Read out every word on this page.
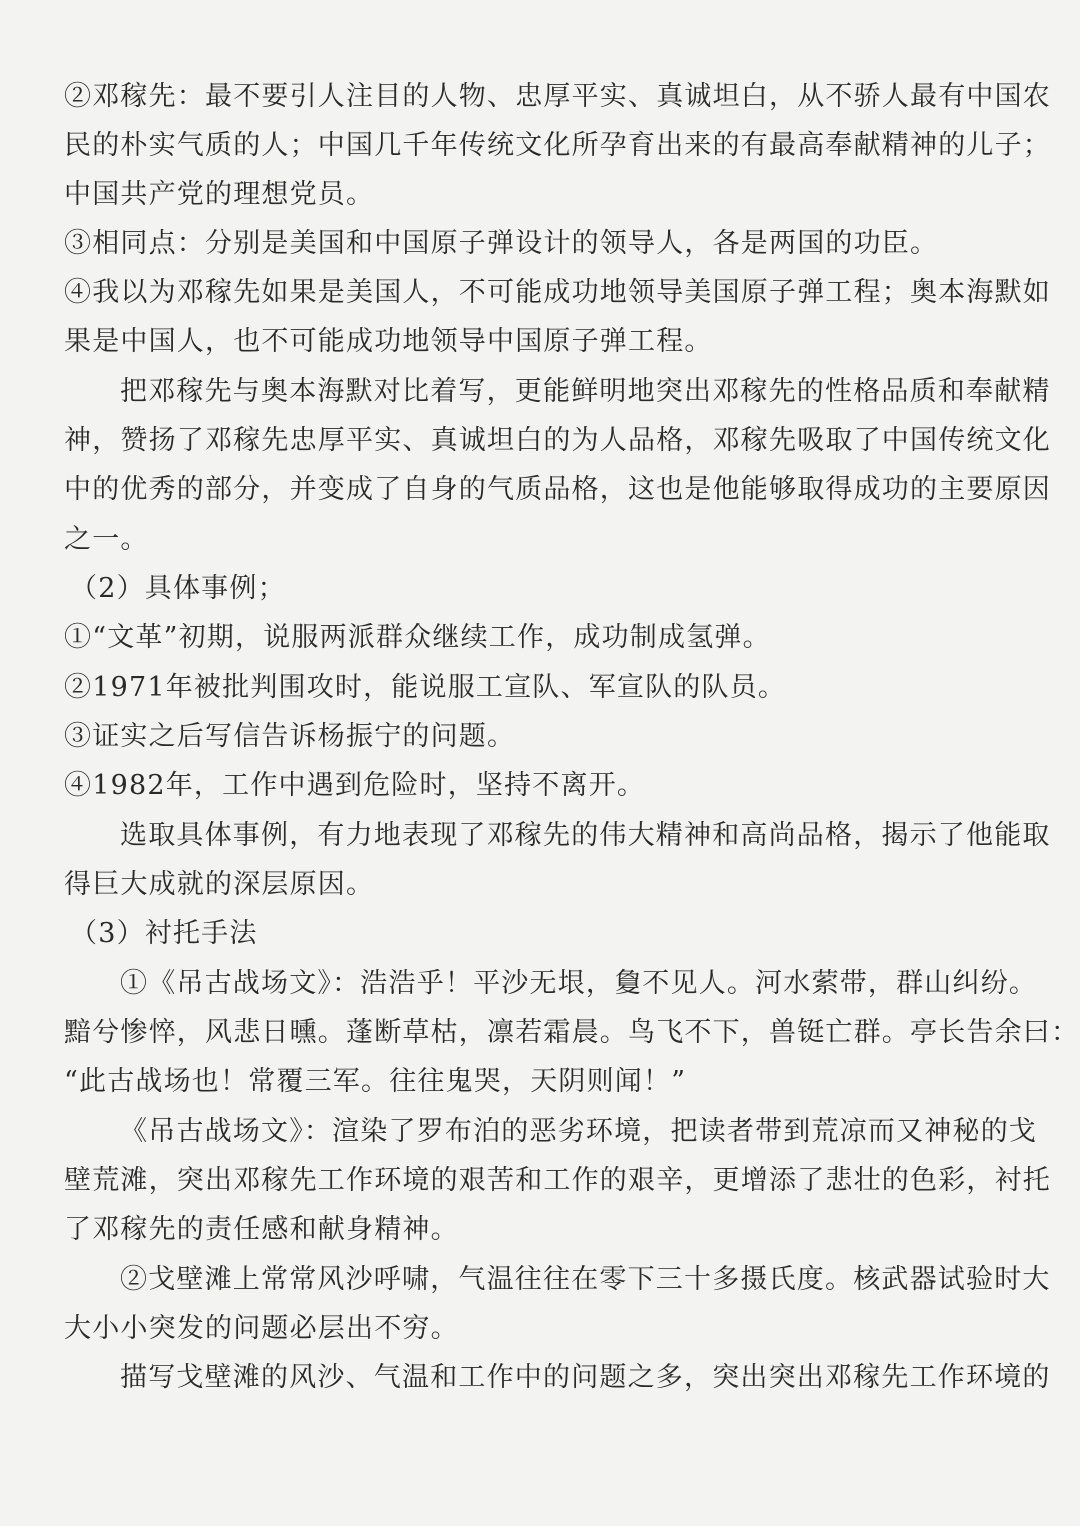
②邓稼先：最不要引人注目的人物、忠厚平实、真诚坦白，从不骄人最有中国农
民的朴实气质的人；中国几千年传统文化所孕育出来的有最高奉献精神的儿子；
中国共产党的理想党员。
③相同点：分别是美国和中国原子弹设计的领导人，各是两国的功臣。
④我以为邓稼先如果是美国人，不可能成功地领导美国原子弹工程；奥本海默如
果是中国人，也不可能成功地领导中国原子弹工程。
把邓稼先与奥本海默对比着写，更能鲜明地突出邓稼先的性格品质和奉献精
神，赞扬了邓稼先忠厚平实、真诚坦白的为人品格，邓稼先吸取了中国传统文化
中的优秀的部分，并变成了自身的气质品格，这也是他能够取得成功的主要原因
之一。
（2）具体事例；
①“文革”初期，说服两派群众继续工作，成功制成氢弹。
②1971年被批判围攻时，能说服工宣队、军宣队的队员。
③证实之后写信告诉杨振宁的问题。
④1982年，工作中遇到危险时，坚持不离开。
选取具体事例，有力地表现了邓稼先的伟大精神和高尚品格，揭示了他能取
得巨大成就的深层原因。
（3）衬托手法
①《吊古战场文》：浩浩乎！平沙无垠，敻不见人。河水萦带，群山纠纷。
黯兮惨悴，风悲日曛。蓬断草枯，凛若霜晨。鸟飞不下，兽铤亡群。亭长告余曰：
“此古战场也！常覆三军。往往鬼哭，天阴则闻！”
《吊古战场文》：渲染了罗布泊的恶劣环境，把读者带到荒凉而又神秘的戈
壁荒滩，突出邓稼先工作环境的艰苦和工作的艰辛，更增添了悲壮的色彩，衬托
了邓稼先的责任感和献身精神。
②戈壁滩上常常风沙呼啸，气温往往在零下三十多摄氏度。核武器试验时大
大小小突发的问题必层出不穷。
描写戈壁滩的风沙、气温和工作中的问题之多，突出突出邓稼先工作环境的
